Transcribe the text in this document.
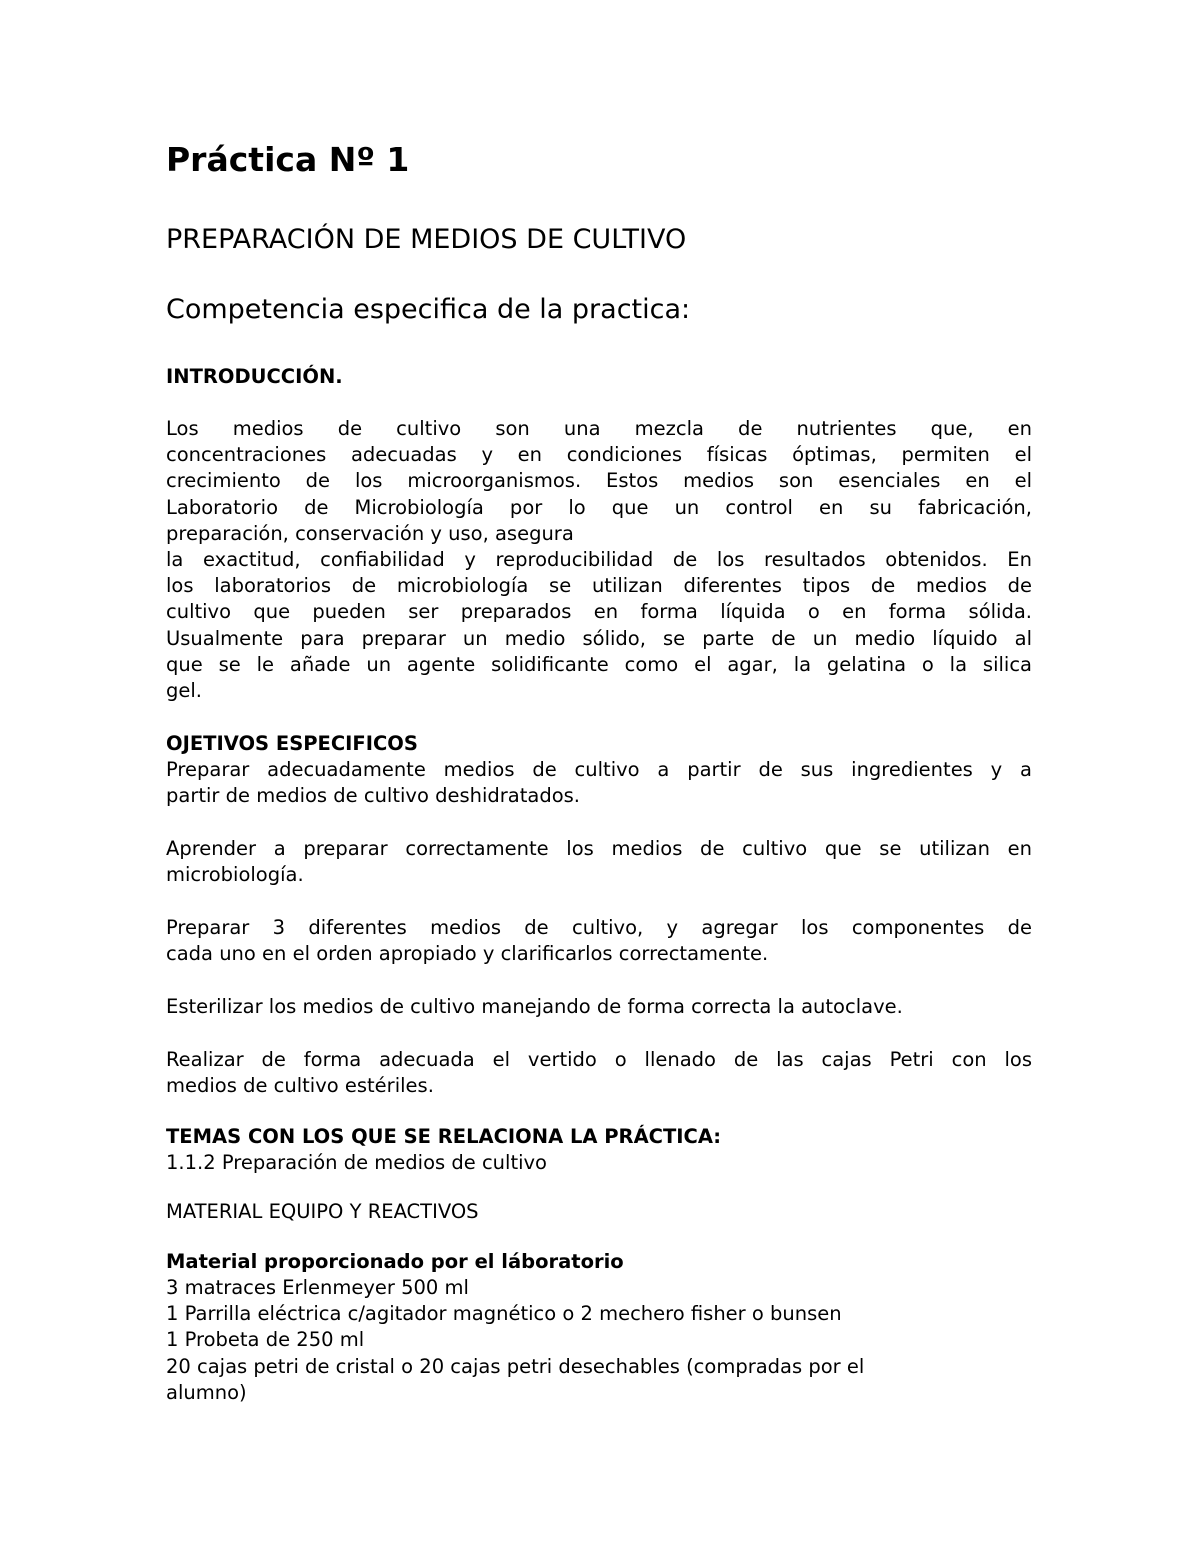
Práctica Nº 1
PREPARACIÓN DE MEDIOS DE CULTIVO
Competencia especifica de la practica:
INTRODUCCIÓN.
Los medios de cultivo son una mezcla de nutrientes que, en
concentraciones adecuadas y en condiciones físicas óptimas, permiten el
crecimiento de los microorganismos. Estos medios son esenciales en el
Laboratorio de Microbiología por lo que un control en su fabricación,
preparación, conservación y uso, asegura
la exactitud, confiabilidad y reproducibilidad de los resultados obtenidos. En
los laboratorios de microbiología se utilizan diferentes tipos de medios de
cultivo que pueden ser preparados en forma líquida o en forma sólida.
Usualmente para preparar un medio sólido, se parte de un medio líquido al
que se le añade un agente solidificante como el agar, la gelatina o la silica
gel.
OJETIVOS ESPECIFICOS
Preparar adecuadamente medios de cultivo a partir de sus ingredientes y a
partir de medios de cultivo deshidratados.
Aprender a preparar correctamente los medios de cultivo que se utilizan en
microbiología.
Preparar 3 diferentes medios de cultivo, y agregar los componentes de
cada uno en el orden apropiado y clarificarlos correctamente.
Esterilizar los medios de cultivo manejando de forma correcta la autoclave.
Realizar de forma adecuada el vertido o llenado de las cajas Petri con los
medios de cultivo estériles.
TEMAS CON LOS QUE SE RELACIONA LA PRÁCTICA:
1.1.2 Preparación de medios de cultivo
MATERIAL EQUIPO Y REACTIVOS
Material proporcionado por el láboratorio
3 matraces Erlenmeyer 500 ml
1 Parrilla eléctrica c/agitador magnético o 2 mechero fisher o bunsen
1 Probeta de 250 ml
20 cajas petri de cristal o 20 cajas petri desechables (compradas por el
alumno)
